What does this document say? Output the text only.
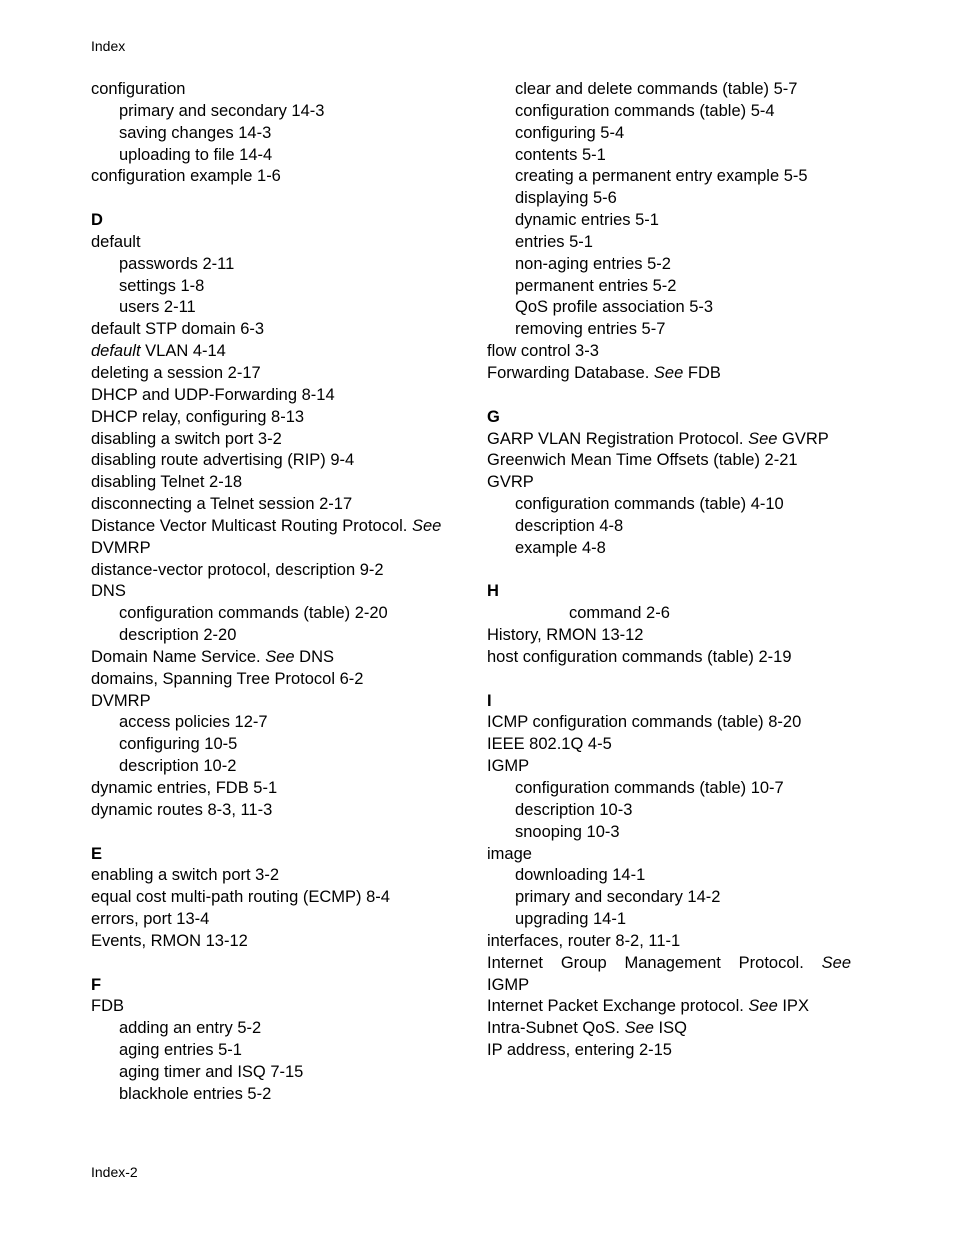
Index
configuration
primary and secondary 14-3
saving changes 14-3
uploading to file 14-4
configuration example 1-6
D
default
passwords 2-11
settings 1-8
users 2-11
default STP domain 6-3
default VLAN 4-14
deleting a session 2-17
DHCP and UDP-Forwarding 8-14
DHCP relay, configuring 8-13
disabling a switch port 3-2
disabling route advertising (RIP) 9-4
disabling Telnet 2-18
disconnecting a Telnet session 2-17
Distance Vector Multicast Routing Protocol. See
DVMRP
distance-vector protocol, description 9-2
DNS
configuration commands (table) 2-20
description 2-20
Domain Name Service. See DNS
domains, Spanning Tree Protocol 6-2
DVMRP
access policies 12-7
configuring 10-5
description 10-2
dynamic entries, FDB 5-1
dynamic routes 8-3, 11-3
E
enabling a switch port 3-2
equal cost multi-path routing (ECMP) 8-4
errors, port 13-4
Events, RMON 13-12
F
FDB
adding an entry 5-2
aging entries 5-1
aging timer and ISQ 7-15
blackhole entries 5-2
clear and delete commands (table) 5-7
configuration commands (table) 5-4
configuring 5-4
contents 5-1
creating a permanent entry example 5-5
displaying 5-6
dynamic entries 5-1
entries 5-1
non-aging entries 5-2
permanent entries 5-2
QoS profile association 5-3
removing entries 5-7
flow control 3-3
Forwarding Database. See FDB
G
GARP VLAN Registration Protocol. See GVRP
Greenwich Mean Time Offsets (table) 2-21
GVRP
configuration commands (table) 4-10
description 4-8
example 4-8
H
command 2-6
History, RMON 13-12
host configuration commands (table) 2-19
I
ICMP configuration commands (table) 8-20
IEEE 802.1Q 4-5
IGMP
configuration commands (table) 10-7
description 10-3
snooping 10-3
image
downloading 14-1
primary and secondary 14-2
upgrading 14-1
interfaces, router 8-2, 11-1
Internet Group Management Protocol. See
IGMP
Internet Packet Exchange protocol. See IPX
Intra-Subnet QoS. See ISQ
IP address, entering 2-15
Index-2
